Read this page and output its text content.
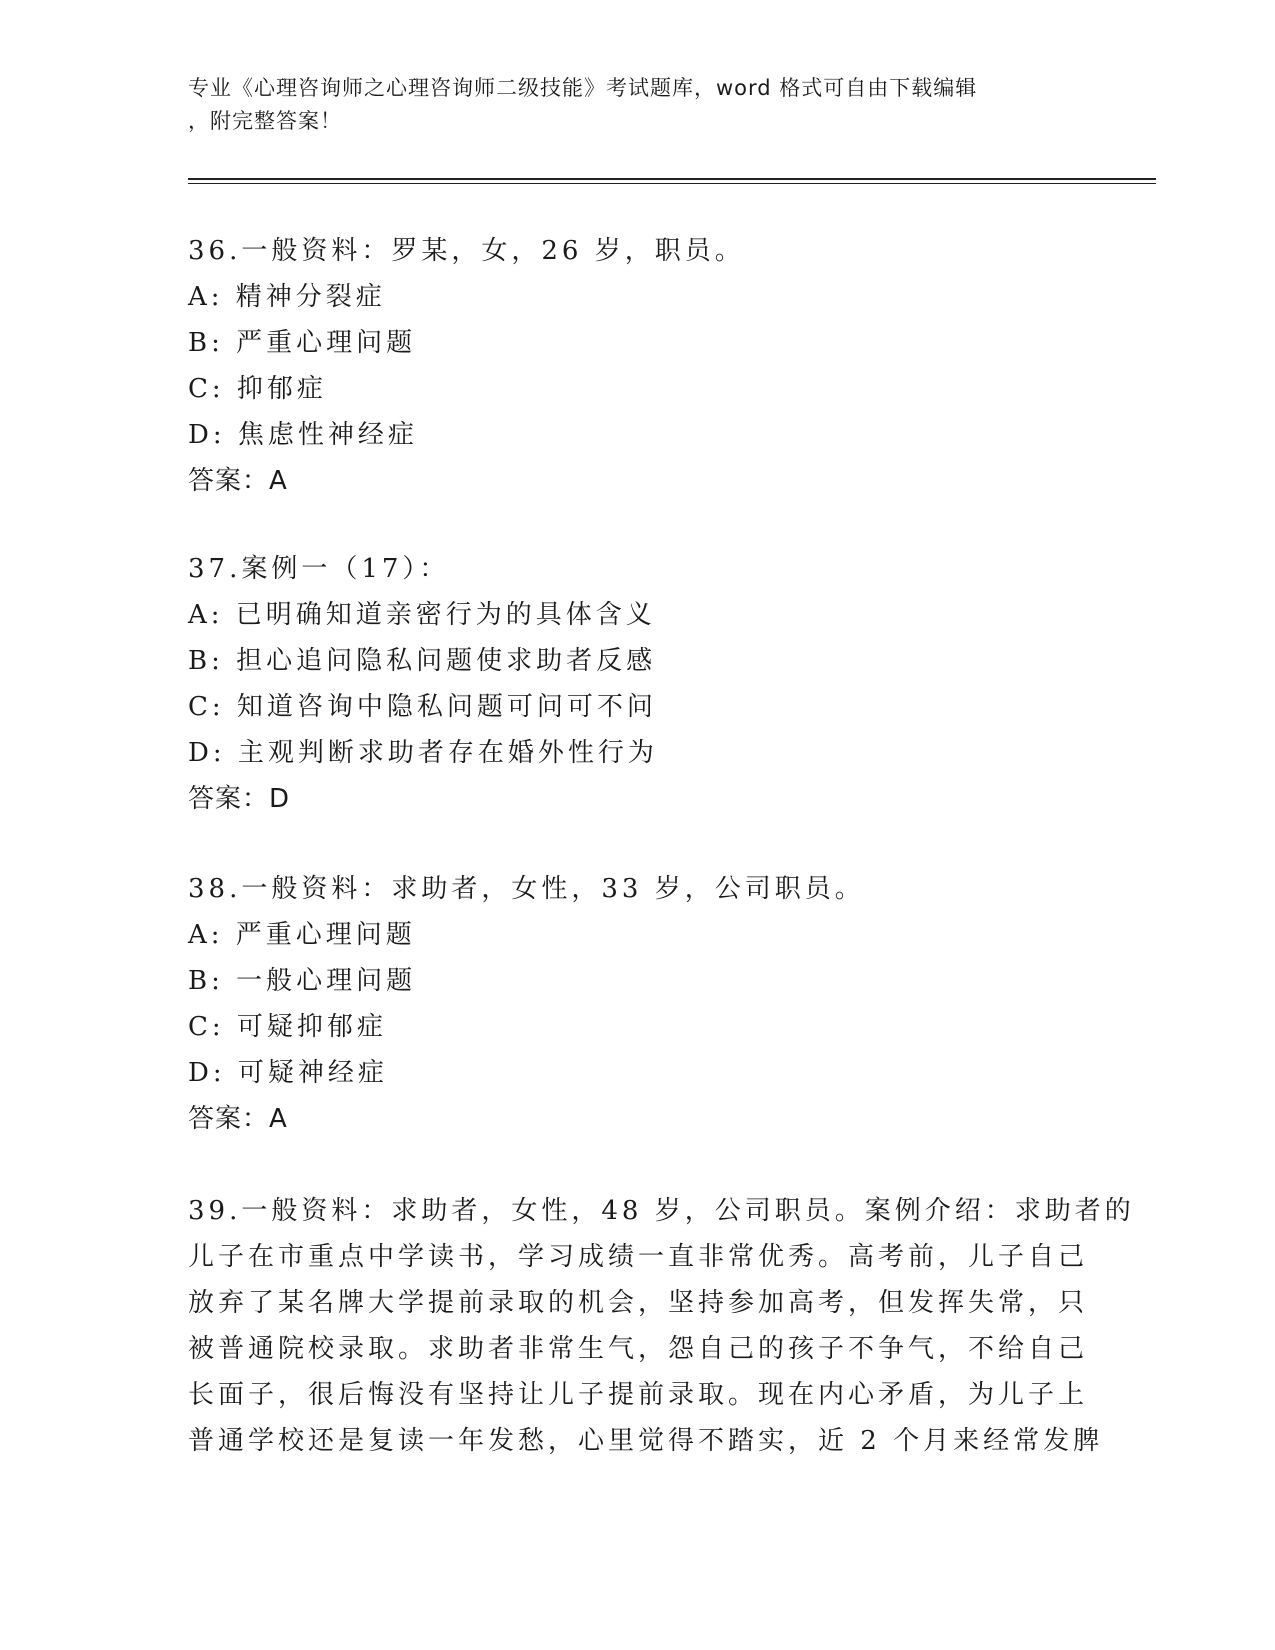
专业《心理咨询师之心理咨询师二级技能》考试题库，word 格式可自由下载编辑
，附完整答案！
36.一般资料：罗某，女，26 岁，职员。
A: 精神分裂症
B: 严重心理问题
C: 抑郁症
D: 焦虑性神经症
答案：A
37.案例一（17）：
A: 已明确知道亲密行为的具体含义
B: 担心追问隐私问题使求助者反感
C: 知道咨询中隐私问题可问可不问
D: 主观判断求助者存在婚外性行为
答案：D
38.一般资料：求助者，女性，33 岁，公司职员。
A: 严重心理问题
B: 一般心理问题
C: 可疑抑郁症
D: 可疑神经症
答案：A
39.一般资料：求助者，女性，48 岁，公司职员。案例介绍：求助者的
儿子在市重点中学读书，学习成绩一直非常优秀。高考前，儿子自己
放弃了某名牌大学提前录取的机会，坚持参加高考，但发挥失常，只
被普通院校录取。求助者非常生气，怨自己的孩子不争气，不给自己
长面子，很后悔没有坚持让儿子提前录取。现在内心矛盾，为儿子上
普通学校还是复读一年发愁，心里觉得不踏实，近 2 个月来经常发脾
